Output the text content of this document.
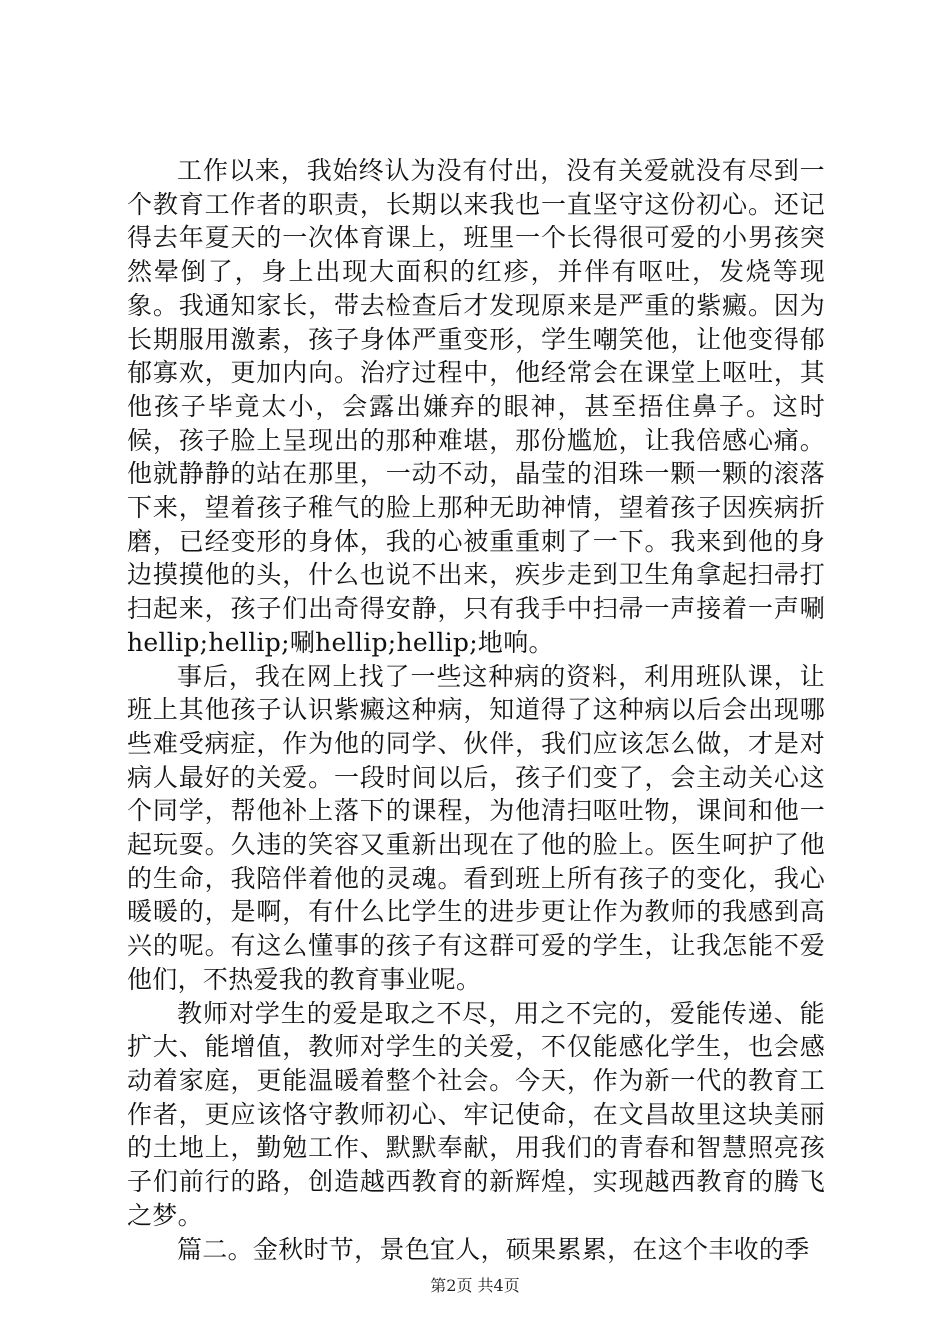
工作以来，我始终认为没有付出，没有关爱就没有尽到一个教育工作者的职责，长期以来我也一直坚守这份初心。还记得去年夏天的一次体育课上，班里一个长得很可爱的小男孩突然晕倒了，身上出现大面积的红疹，并伴有呕吐，发烧等现象。我通知家长，带去检查后才发现原来是严重的紫癜。因为长期服用激素，孩子身体严重变形，学生嘲笑他，让他变得郁郁寡欢，更加内向。治疗过程中，他经常会在课堂上呕吐，其他孩子毕竟太小，会露出嫌弃的眼神，甚至捂住鼻子。这时候，孩子脸上呈现出的那种难堪，那份尴尬，让我倍感心痛。他就静静的站在那里，一动不动，晶莹的泪珠一颗一颗的滚落下来，望着孩子稚气的脸上那种无助神情，望着孩子因疾病折磨，已经变形的身体，我的心被重重刺了一下。我来到他的身边摸摸他的头，什么也说不出来，疾步走到卫生角拿起扫帚打扫起来，孩子们出奇得安静，只有我手中扫帚一声接着一声唰hellip;hellip;唰hellip;hellip;地响。

事后，我在网上找了一些这种病的资料，利用班队课，让班上其他孩子认识紫癜这种病，知道得了这种病以后会出现哪些难受病症，作为他的同学、伙伴，我们应该怎么做，才是对病人最好的关爱。一段时间以后，孩子们变了，会主动关心这个同学，帮他补上落下的课程，为他清扫呕吐物，课间和他一起玩耍。久违的笑容又重新出现在了他的脸上。医生呵护了他的生命，我陪伴着他的灵魂。看到班上所有孩子的变化，我心暖暖的，是啊，有什么比学生的进步更让作为教师的我感到高兴的呢。有这么懂事的孩子有这群可爱的学生，让我怎能不爱他们，不热爱我的教育事业呢。

教师对学生的爱是取之不尽，用之不完的，爱能传递、能扩大、能增值，教师对学生的关爱，不仅能感化学生，也会感动着家庭，更能温暖着整个社会。今天，作为新一代的教育工作者，更应该恪守教师初心、牢记使命，在文昌故里这块美丽的土地上，勤勉工作、默默奉献，用我们的青春和智慧照亮孩子们前行的路，创造越西教育的新辉煌，实现越西教育的腾飞之梦。

篇二。金秋时节，景色宜人，硕果累累，在这个丰收的季

第2页 共4页
